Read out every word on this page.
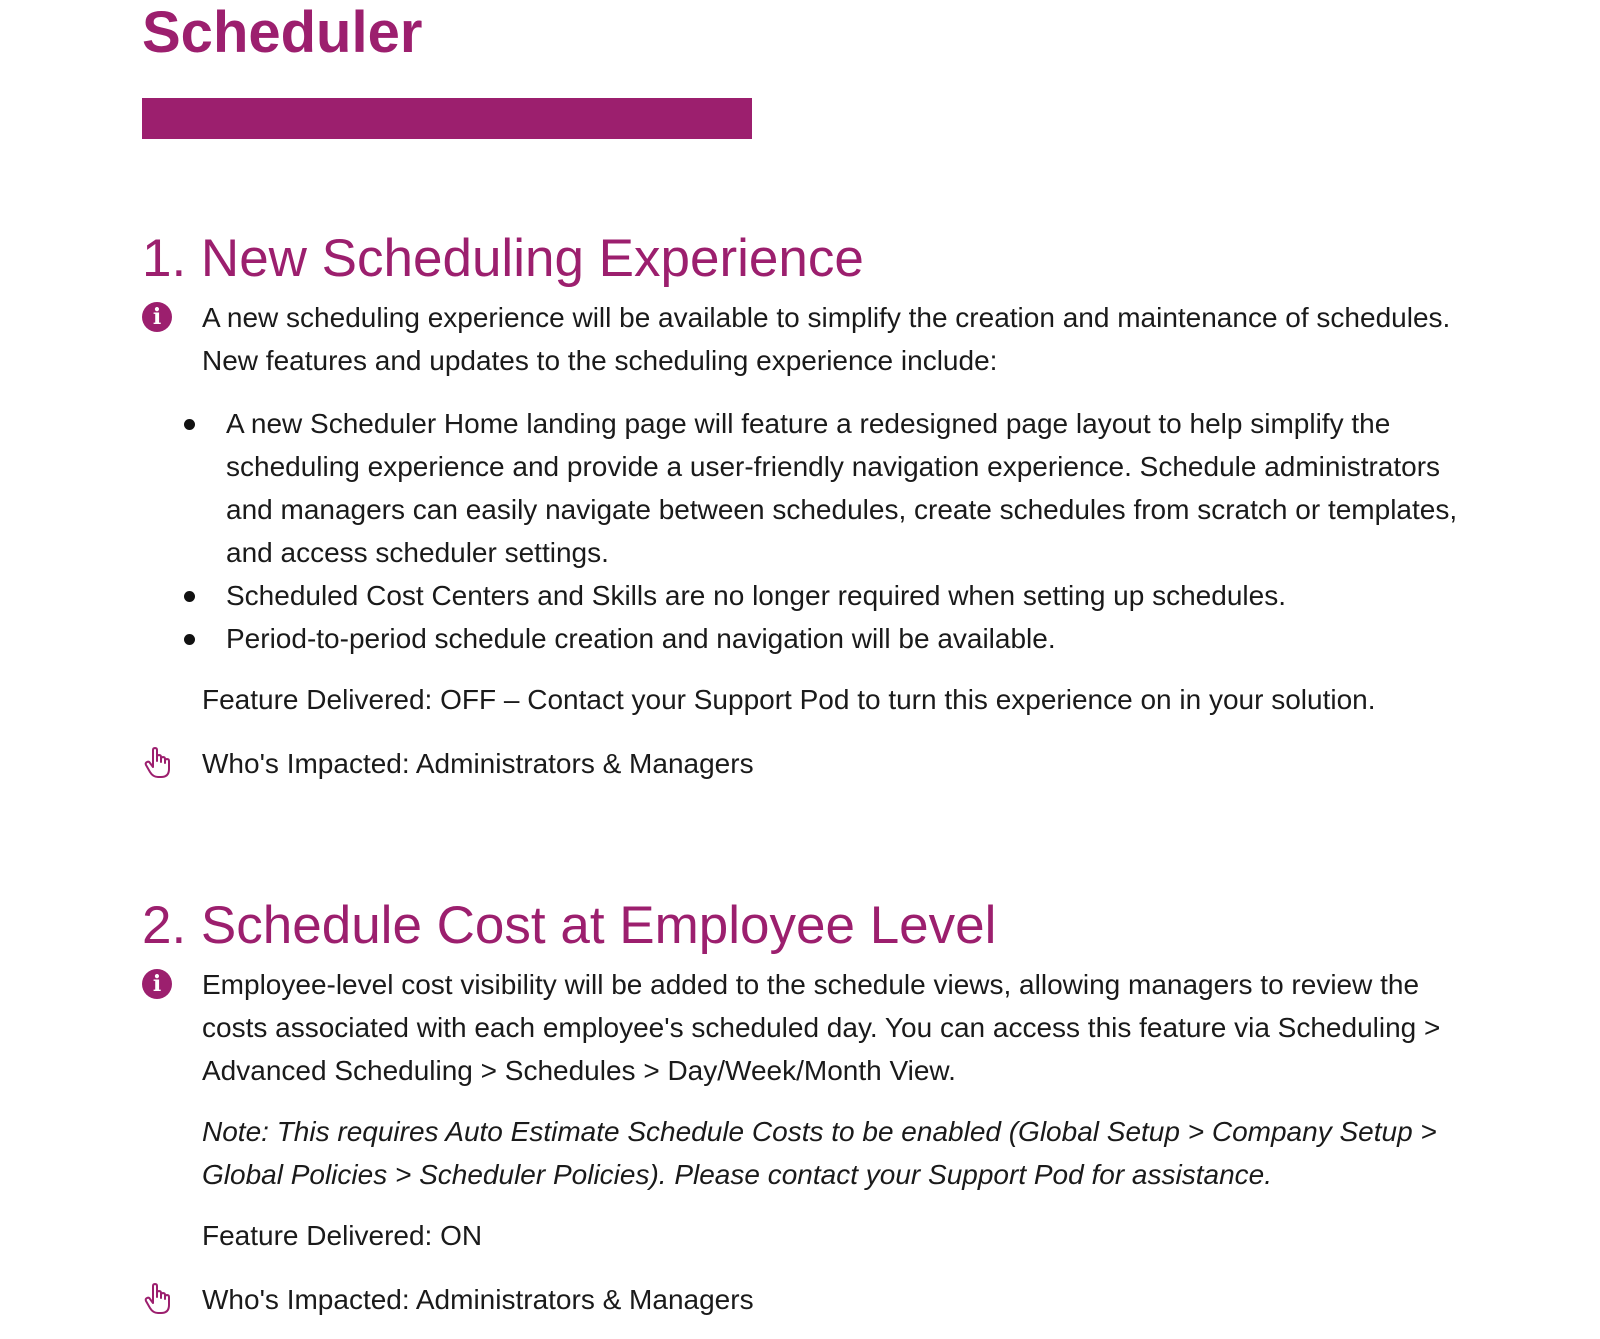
Scheduler
1. New Scheduling Experience
i	A new scheduling experience will be available to simplify the creation and maintenance of schedules. New features and updates to the scheduling experience include:

A new Scheduler Home landing page will feature a redesigned page layout to help simplify the scheduling experience and provide a user-friendly navigation experience. Schedule administrators and managers can easily navigate between schedules, create schedules from scratch or templates, and access scheduler settings.
Scheduled Cost Centers and Skills are no longer required when setting up schedules.
Period-to-period schedule creation and navigation will be available.

Feature Delivered: OFF – Contact your Support Pod to turn this experience on in your solution.

Who's Impacted: Administrators & Managers
2. Schedule Cost at Employee Level
i	Employee-level cost visibility will be added to the schedule views, allowing managers to review the costs associated with each employee's scheduled day. You can access this feature via Scheduling > Advanced Scheduling > Schedules > Day/Week/Month View.

Note: This requires Auto Estimate Schedule Costs to be enabled (Global Setup > Company Setup > Global Policies > Scheduler Policies). Please contact your Support Pod for assistance.

Feature Delivered: ON

Who's Impacted: Administrators & Managers
